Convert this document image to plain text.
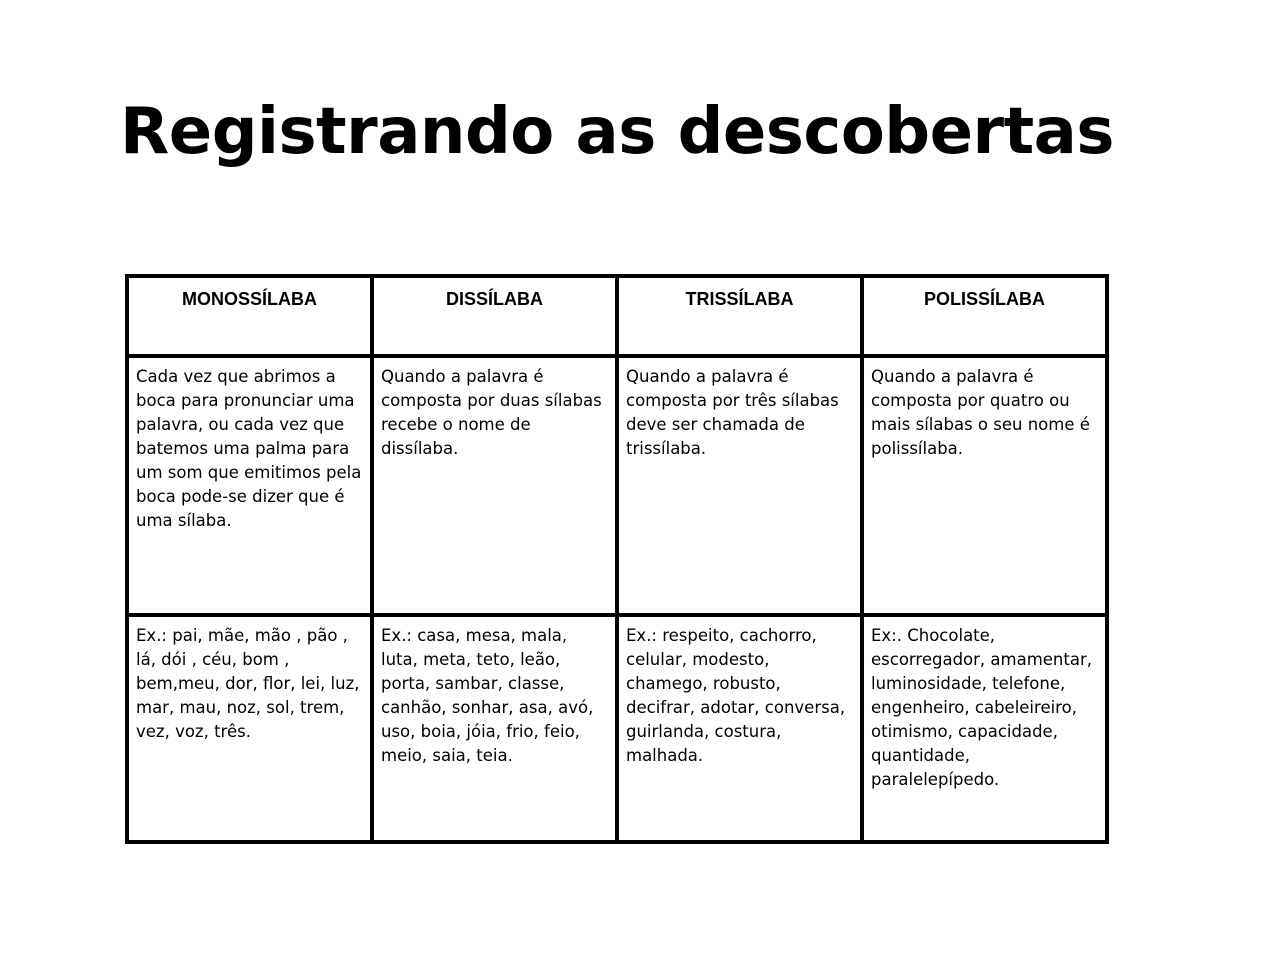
Registrando as descobertas
MONOSSÍLABA	DISSÍLABA	TRISSÍLABA	POLISSÍLABA
Cada vez que abrimos a boca para pronunciar uma palavra, ou cada vez que batemos uma palma para um som que emitimos pela boca pode-se dizer que é uma sílaba.	Quando a palavra é composta por duas sílabas recebe o nome de dissílaba.	Quando a palavra é composta por três sílabas deve ser chamada de trissílaba.	Quando a palavra é composta por quatro ou mais sílabas o seu nome é polissílaba.
Ex.: pai, mãe, mão , pão , lá, dói , céu, bom , bem,meu, dor, flor, lei, luz, mar, mau, noz, sol, trem, vez, voz, três.	Ex.: casa, mesa, mala, luta, meta, teto, leão, porta, sambar, classe, canhão, sonhar, asa, avó, uso, boia, jóia, frio, feio, meio, saia, teia.	Ex.: respeito, cachorro, celular, modesto, chamego, robusto, decifrar, adotar, conversa, guirlanda, costura, malhada.	Ex:. Chocolate, escorregador, amamentar, luminosidade, telefone, engenheiro, cabeleireiro, otimismo, capacidade, quantidade, paralelepípedo.
